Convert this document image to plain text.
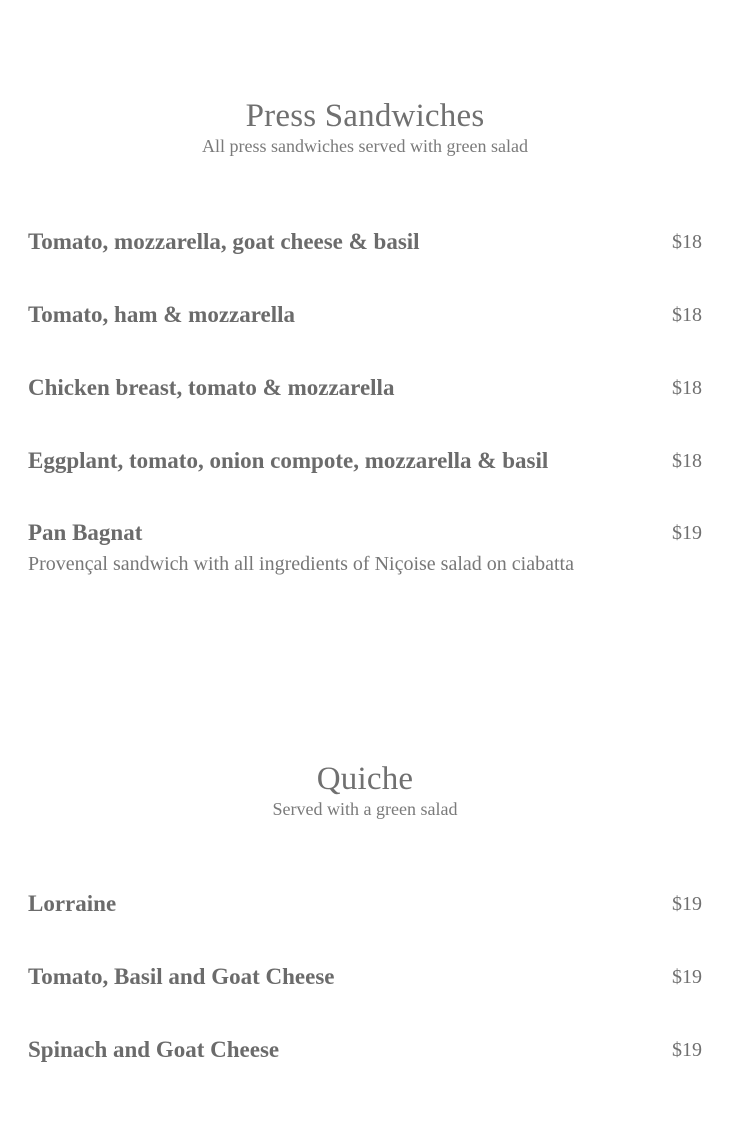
Press Sandwiches

All press sandwiches served with green salad

Tomato, mozzarella, goat cheese & basil	$18
Tomato, ham & mozzarella	$18
Chicken breast, tomato & mozzarella	$18
Eggplant, tomato, onion compote, mozzarella & basil	$18
Pan Bagnat	$19
Provençal sandwich with all ingredients of Niçoise salad on ciabatta
Quiche

Served with a green salad

Lorraine	$19
Tomato, Basil and Goat Cheese	$19
Spinach and Goat Cheese	$19
